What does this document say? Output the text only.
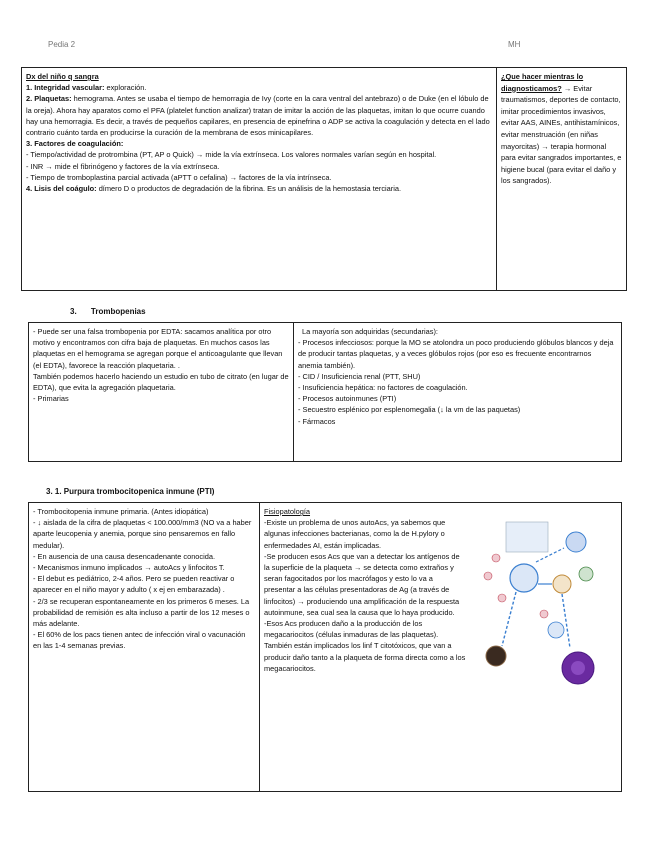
Pedia 2	MH

Dx del niño q sangra

1. Integridad vascular: exploración.

2. Plaquetas: hemograma. Antes se usaba el tiempo de hemorragia de Ivy (corte en la cara ventral del antebrazo) o de Duke (en el lóbulo de la oreja). Ahora hay aparatos como el PFA (platelet function analizar) tratan de imitar la acción de las plaquetas, imitan lo que ocurre cuando hay una hemorragia. Es decir, a través de pequeños capilares, en presencia de epinefrina o ADP se activa la coagulación y detecta en el lado contrario cuánto tarda en producirse la curación de la membrana de esos minicapilares.

3. Factores de coagulación:

- Tiempo/actividad de protrombina (PT, AP o Quick) → mide la vía extrínseca. Los valores normales varían según en hospital.

- INR → mide el fibrinógeno y factores de la vía extrínseca.

- Tiempo de tromboplastina parcial activada (aPTT o cefalina) → factores de la vía intrínseca.

4. Lisis del coágulo: dímero D o productos de degradación de la fibrina. Es un análisis de la hemostasia terciaria.

¿Que hacer mientras lo diagnosticamos? → Evitar traumatismos, deportes de contacto, imitar procedimientos invasivos, evitar AAS, AINEs, antihistamínicos, evitar menstruación (en niñas mayorcitas) → terapia hormonal para evitar sangrados importantes, e higiene bucal (para evitar el daño y los sangrados).

3. Trombopenias

- Puede ser una falsa trombopenia por EDTA: sacamos analítica por otro motivo y encontramos con cifra baja de plaquetas. En muchos casos las plaquetas en el hemograma se agregan porque el anticoagulante que llevan (el EDTA), favorece la reacción plaquetaria. .

También podemos hacerlo haciendo un estudio en tubo de citrato (en lugar de EDTA), que evita la agregación plaquetaria.

- Primarias

La mayoría son adquiridas (secundarias):

- Procesos infecciosos: porque la MO se atolondra un poco produciendo glóbulos blancos y deja de producir tantas plaquetas, y a veces glóbulos rojos (por eso es frecuente encontrarnos anemia también).

- CID / Insuficiencia renal (PTT, SHU)

- Insuficiencia hepática: no factores de coagulación.

- Procesos autoinmunes (PTI)

- Secuestro esplénico por esplenomegalia (↓ la vm de las paquetas)

- Fármacos

3. 1. Purpura trombocitopenica inmune (PTI)

- Trombocitopenia inmune primaria. (Antes idiopática)

- ↓ aislada de la cifra de plaquetas < 100.000/mm3 (NO va a haber aparte leucopenia y anemia, porque sino pensaremos en fallo medular).

- En ausencia de una causa desencadenante conocida.

- Mecanismos inmuno implicados → autoAcs y linfocitos T.

- El debut es pediátrico, 2-4 años. Pero se pueden reactivar o aparecer en el niño mayor y adulto ( x ej en embarazada) .

- 2/3 se recuperan espontaneamente en los primeros 6 meses. La probabilidad de remisión es alta incluso a partir de los 12 meses o más adelante.

- El 60% de los pacs tienen antec de infección viral o vacunación en las 1-4 semanas previas.

Fisiopatología

-Existe un problema de unos autoAcs, ya sabemos que algunas infecciones bacterianas, como la de H.pylory o enfermedades AI, están implicadas.

-Se producen esos Acs que van a detectar los antígenos de la superficie de la plaqueta → se detecta como extraños y seran fagocitados por los macrófagos y esto lo va a presentar a las células presentadoras de Ag (a través de linfocitos) → produciendo una amplificación de la respuesta autoinmune, sea cual sea la causa que lo haya producido.

-Esos Acs producen daño a la producción de los megacariocitos (células inmaduras de las plaquetas). También están implicados los linf T citotóxicos, que van a producir daño tanto a la plaqueta de forma directa como a los megacariocitos.
